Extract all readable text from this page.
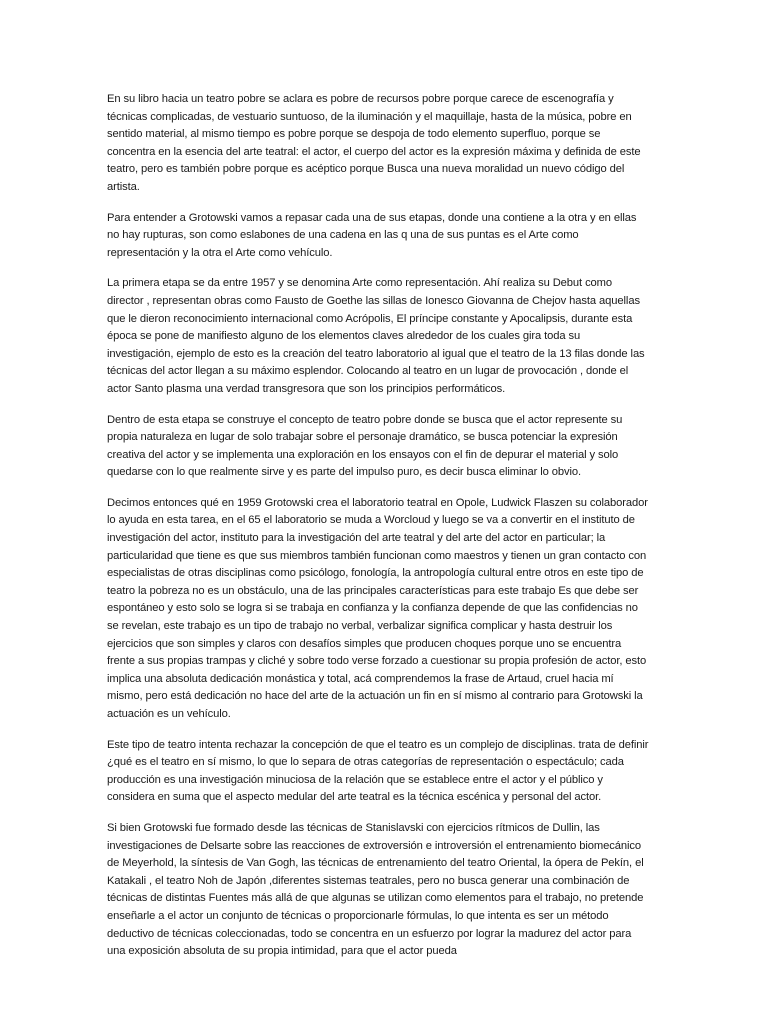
En su libro hacia un teatro pobre se aclara es pobre de recursos pobre porque carece de escenografía y técnicas complicadas, de vestuario suntuoso, de la iluminación y el maquillaje, hasta de la música, pobre en sentido material, al mismo tiempo es pobre porque se despoja de todo elemento superfluo, porque se concentra en la esencia del arte teatral: el actor, el cuerpo del actor es la expresión máxima y definida de este teatro, pero es también pobre porque es acéptico porque Busca una nueva moralidad un nuevo código del artista.

Para entender a Grotowski vamos a repasar cada una de sus etapas, donde una contiene a la otra y en ellas no hay rupturas, son como eslabones de una cadena en las q una de sus puntas es el Arte como representación y la otra el Arte como vehículo.

La primera etapa se da entre 1957 y se denomina Arte como representación. Ahí realiza su Debut como director , representan obras como Fausto de Goethe las sillas de Ionesco Giovanna de Chejov hasta aquellas que le dieron reconocimiento internacional como Acrópolis, El príncipe constante y Apocalipsis, durante esta época se pone de manifiesto alguno de los elementos claves alrededor de los cuales gira toda su investigación, ejemplo de esto es la creación del teatro laboratorio al igual que el teatro de la 13 filas donde las técnicas del actor llegan a su máximo esplendor. Colocando al teatro en un lugar de provocación , donde el actor Santo plasma una verdad transgresora que son los principios performáticos.

Dentro de esta etapa se construye el concepto de teatro pobre donde se busca que el actor represente su propia naturaleza en lugar de solo trabajar sobre el personaje dramático, se busca potenciar la expresión creativa del actor y se implementa una exploración en los ensayos con el fin de depurar el material y solo quedarse con lo que realmente sirve y es parte del impulso puro, es decir busca eliminar lo obvio.

Decimos entonces qué en 1959 Grotowski crea el laboratorio teatral en Opole, Ludwick Flaszen su colaborador lo ayuda en esta tarea, en el 65 el laboratorio se muda a Worcloud y luego se va a convertir en el instituto de investigación del actor, instituto para la investigación del arte teatral y del arte del actor en particular; la particularidad que tiene es que sus miembros también funcionan como maestros y tienen un gran contacto con especialistas de otras disciplinas como psicólogo, fonología, la antropología cultural entre otros en este tipo de teatro la pobreza no es un obstáculo, una de las principales características para este trabajo Es que debe ser espontáneo y esto solo se logra si se trabaja en confianza y la confianza depende de que las confidencias no se revelan, este trabajo es un tipo de trabajo no verbal, verbalizar significa complicar y hasta destruir los ejercicios que son simples y claros con desafíos simples que producen choques porque uno se encuentra frente a sus propias trampas y cliché y sobre todo verse forzado a cuestionar su propia profesión de actor, esto implica una absoluta dedicación monástica y total, acá comprendemos la frase de Artaud, cruel hacia mí mismo, pero está dedicación no hace del arte de la actuación un fin en sí mismo al contrario para Grotowski la actuación es un vehículo.

Este tipo de teatro intenta rechazar la concepción de que el teatro es un complejo de disciplinas. trata de definir ¿qué es el teatro en sí mismo, lo que lo separa de otras categorías de representación o espectáculo; cada producción es una investigación minuciosa de la relación que se establece entre el actor y el público y considera en suma que el aspecto medular del arte teatral es la técnica escénica y personal del actor.

Si bien Grotowski fue formado desde las técnicas de Stanislavski con ejercicios rítmicos de Dullin, las investigaciones de Delsarte sobre las reacciones de extroversión e introversión el entrenamiento biomecánico de Meyerhold, la síntesis de Van Gogh, las técnicas de entrenamiento del teatro Oriental, la ópera de Pekín, el Katakali , el teatro Noh de Japón ,diferentes sistemas teatrales, pero no busca generar una combinación de técnicas de distintas Fuentes más allá de que algunas se utilizan como elementos para el trabajo, no pretende enseñarle a el actor un conjunto de técnicas o proporcionarle fórmulas, lo que intenta es ser un método deductivo de técnicas coleccionadas, todo se concentra en un esfuerzo por lograr la madurez del actor para una exposición absoluta de su propia intimidad, para que el actor pueda
